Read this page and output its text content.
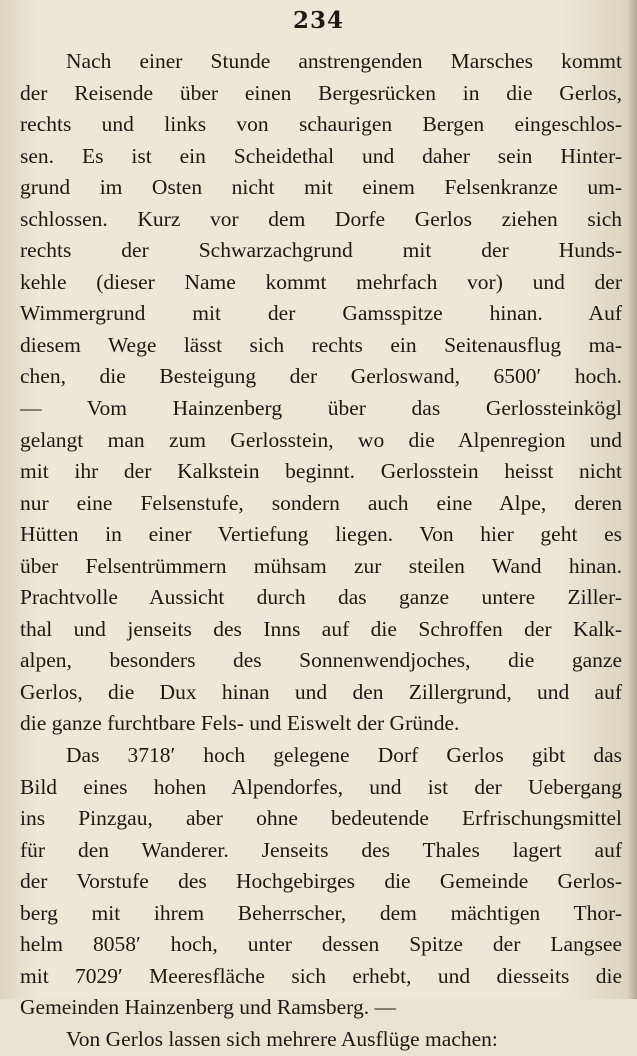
234
Nach einer Stunde anstrengenden Marsches kommt
der Reisende über einen Bergesrücken in die Gerlos,
rechts und links von schaurigen Bergen eingeschlos-
sen. Es ist ein Scheidethal und daher sein Hinter-
grund im Osten nicht mit einem Felsenkranze um-
schlossen. Kurz vor dem Dorfe Gerlos ziehen sich
rechts der Schwarzachgrund mit der Hunds-
kehle (dieser Name kommt mehrfach vor) und der
Wimmergrund mit der Gamsspitze hinan. Auf
diesem Wege lässt sich rechts ein Seitenausflug ma-
chen, die Besteigung der Gerloswand, 6500′ hoch.
— Vom Hainzenberg über das Gerlossteinkögl
gelangt man zum Gerlosstein, wo die Alpenregion und
mit ihr der Kalkstein beginnt. Gerlosstein heisst nicht
nur eine Felsenstufe, sondern auch eine Alpe, deren
Hütten in einer Vertiefung liegen. Von hier geht es
über Felsentrümmern mühsam zur steilen Wand hinan.
Prachtvolle Aussicht durch das ganze untere Ziller-
thal und jenseits des Inns auf die Schroffen der Kalk-
alpen, besonders des Sonnenwendjoches, die ganze
Gerlos, die Dux hinan und den Zillergrund, und auf
die ganze furchtbare Fels- und Eiswelt der Gründe.
Das 3718′ hoch gelegene Dorf Gerlos gibt das
Bild eines hohen Alpendorfes, und ist der Uebergang
ins Pinzgau, aber ohne bedeutende Erfrischungsmittel
für den Wanderer. Jenseits des Thales lagert auf
der Vorstufe des Hochgebirges die Gemeinde Gerlos-
berg mit ihrem Beherrscher, dem mächtigen Thor-
helm 8058′ hoch, unter dessen Spitze der Langsee
mit 7029′ Meeresfläche sich erhebt, und diesseits die
Gemeinden Hainzenberg und Ramsberg. —
Von Gerlos lassen sich mehrere Ausflüge machen:
